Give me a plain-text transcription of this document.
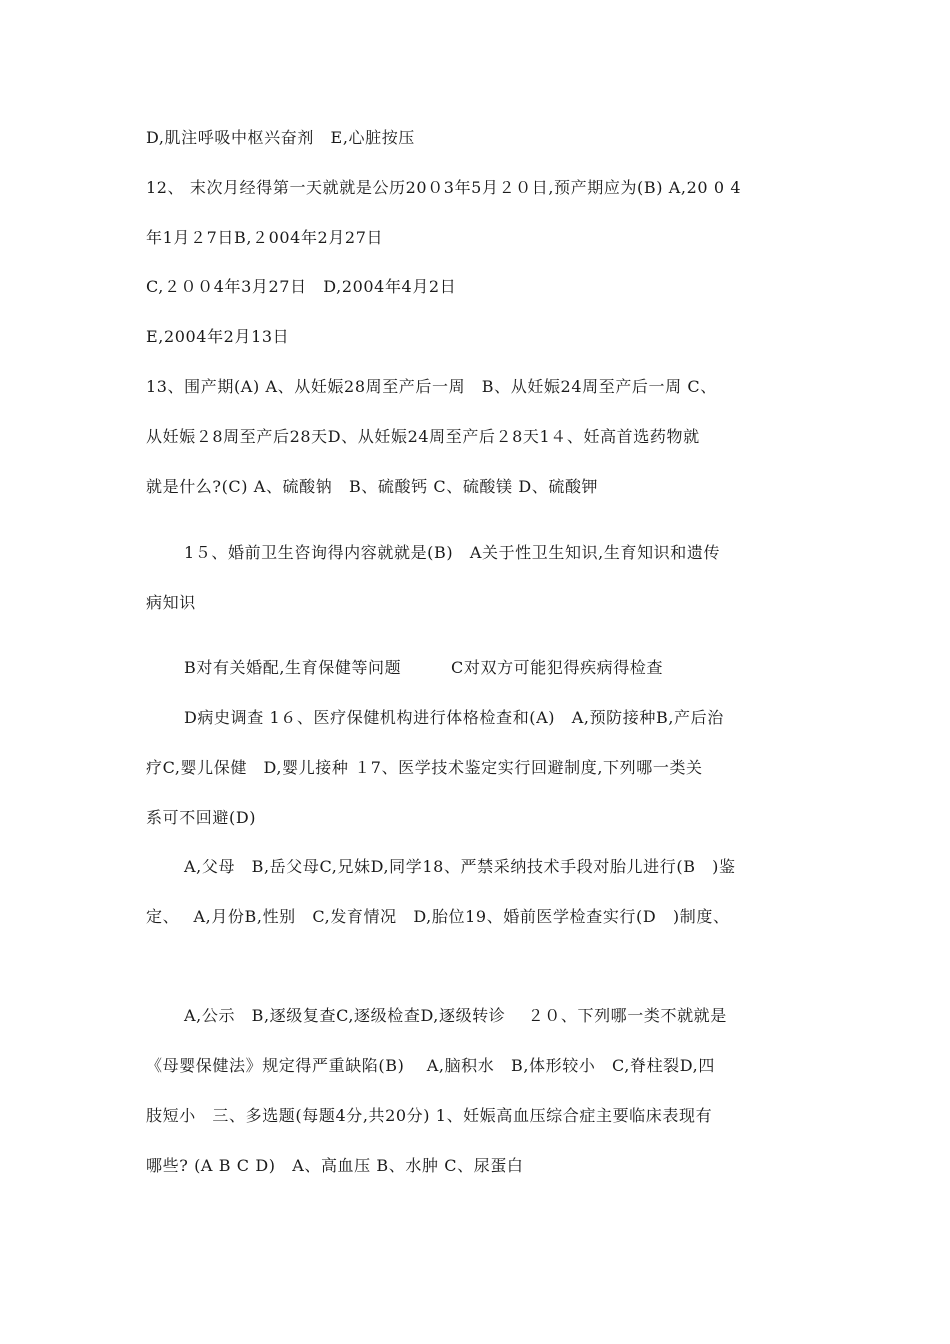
D,肌注呼吸中枢兴奋剂　E,心脏按压
12、 末次月经得第一天就就是公历20０3年5月２０日,预产期应为(B) A,20 0 4
年1月２7日B,２004年2月27日
C,２００4年3月27日　D,2004年4月2日
E,2004年2月13日
13、围产期(A) A、从妊娠28周至产后一周　B、从妊娠24周至产后一周 C、
从妊娠２8周至产后28天D、从妊娠24周至产后２8天1４、妊高首选药物就
就是什么?(C) A、硫酸钠　B、硫酸钙 C、硫酸镁 D、硫酸钾
1５、婚前卫生咨询得内容就就是(B)　A关于性卫生知识,生育知识和遗传
病知识
B对有关婚配,生育保健等问题　　　C对双方可能犯得疾病得检查
D病史调查 1６、医疗保健机构进行体格检查和(A)　A,预防接种B,产后治
疗C,婴儿保健　D,婴儿接种 １7、医学技术鉴定实行回避制度,下列哪一类关
系可不回避(D)
A,父母　B,岳父母C,兄妹D,同学18、严禁采纳技术手段对胎儿进行(B　)鉴
定、　 A,月份B,性别　C,发育情况　D,胎位19、婚前医学检查实行(D　)制度、
A,公示　B,逐级复查C,逐级检查D,逐级转诊　 ２０、下列哪一类不就就是
《母婴保健法》规定得严重缺陷(B)　 A,脑积水　B,体形较小　C,脊柱裂D,四
肢短小　三、多选题(每题4分,共20分) 1、妊娠高血压综合症主要临床表现有
哪些? (A B C D)　A、高血压 B、水肿 C、尿蛋白
